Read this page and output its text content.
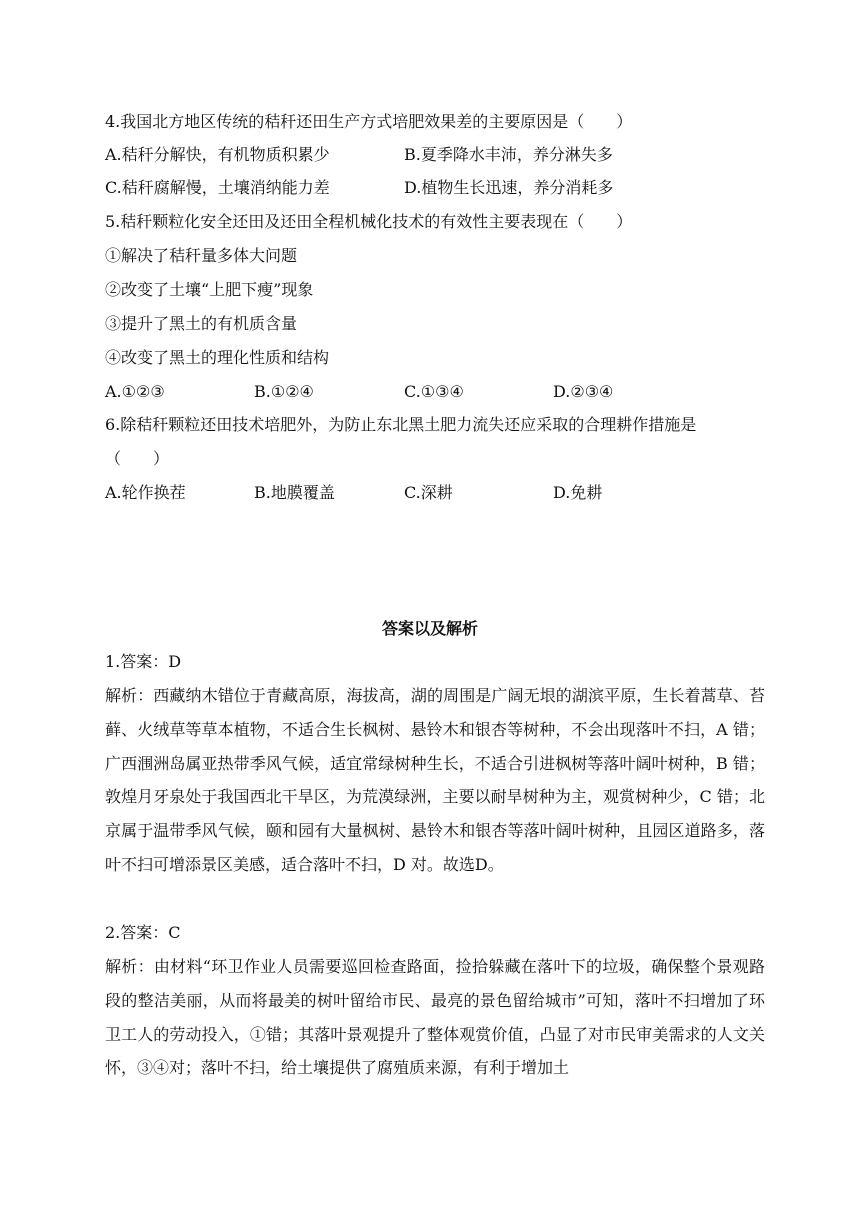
4.我国北方地区传统的秸秆还田生产方式培肥效果差的主要原因是（　　）
A.秸秆分解快，有机物质积累少	B.夏季降水丰沛，养分淋失多
C.秸秆腐解慢，土壤消纳能力差	D.植物生长迅速，养分消耗多
5.秸秆颗粒化安全还田及还田全程机械化技术的有效性主要表现在（　　）
①解决了秸秆量多体大问题
②改变了土壤“上肥下瘦”现象
③提升了黑土的有机质含量
④改变了黑土的理化性质和结构
A.①②③	B.①②④	C.①③④	D.②③④
6.除秸秆颗粒还田技术培肥外，为防止东北黑土肥力流失还应采取的合理耕作措施是
（　　）
A.轮作换茬	B.地膜覆盖	C.深耕	D.免耕
答案以及解析
1.答案：D
解析：西藏纳木错位于青藏高原，海拔高，湖的周围是广阔无垠的湖滨平原，生长着蒿草、苔藓、火绒草等草本植物，不适合生长枫树、悬铃木和银杏等树种，不会出现落叶不扫，A 错；广西涠洲岛属亚热带季风气候，适宜常绿树种生长，不适合引进枫树等落叶阔叶树种，B 错；敦煌月牙泉处于我国西北干旱区，为荒漠绿洲，主要以耐旱树种为主，观赏树种少，C 错；北京属于温带季风气候，颐和园有大量枫树、悬铃木和银杏等落叶阔叶树种，且园区道路多，落叶不扫可增添景区美感，适合落叶不扫，D 对。故选D。
2.答案：C
解析：由材料“环卫作业人员需要巡回检查路面，捡拾躲藏在落叶下的垃圾，确保整个景观路段的整洁美丽，从而将最美的树叶留给市民、最亮的景色留给城市”可知，落叶不扫增加了环卫工人的劳动投入，①错；其落叶景观提升了整体观赏价值，凸显了对市民审美需求的人文关怀，③④对；落叶不扫，给土壤提供了腐殖质来源，有利于增加土
